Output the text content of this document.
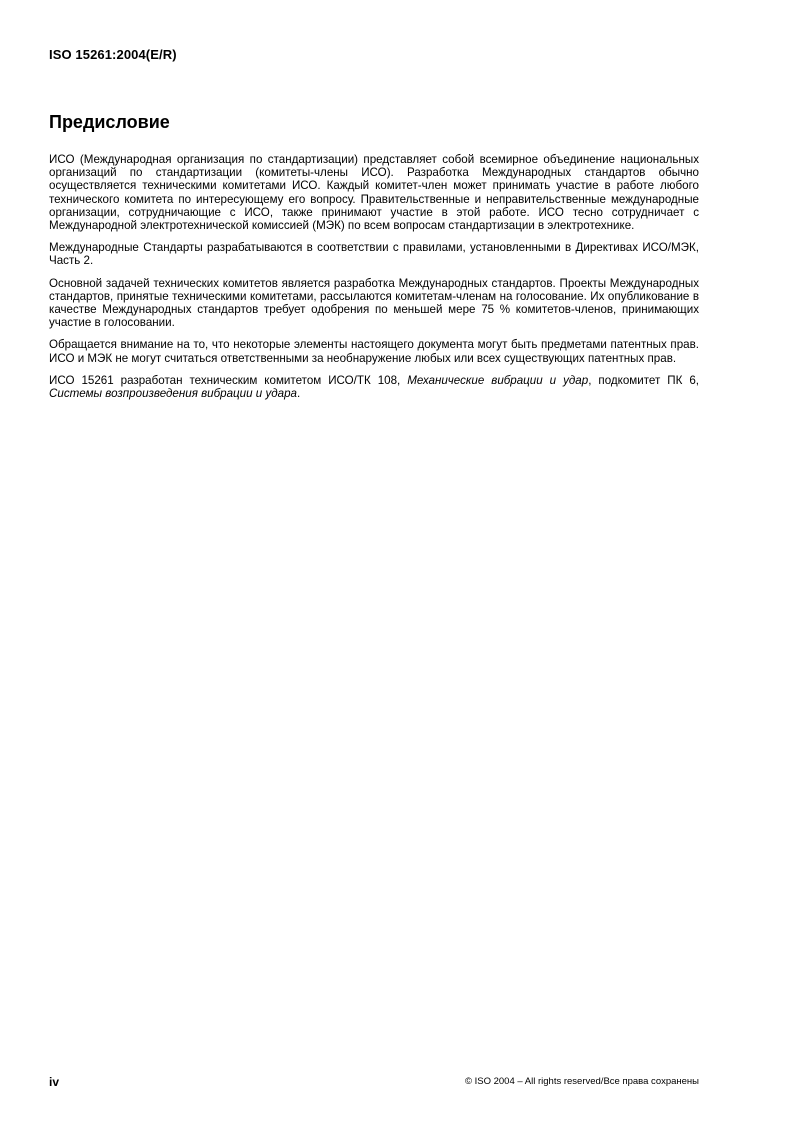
ISO 15261:2004(E/R)
Предисловие

ИСО (Международная организация по стандартизации) представляет собой всемирное объединение национальных организаций по стандартизации (комитеты-члены ИСО). Разработка Международных стандартов обычно осуществляется техническими комитетами ИСО. Каждый комитет-член может принимать участие в работе любого технического комитета по интересующему его вопросу. Правительственные и неправительственные международные организации, сотрудничающие с ИСО, также принимают участие в этой работе. ИСО тесно сотрудничает с Международной электротехнической комиссией (МЭК) по всем вопросам стандартизации в электротехнике.

Международные Стандарты разрабатываются в соответствии с правилами, установленными в Директивах ИСО/МЭК, Часть 2.

Основной задачей технических комитетов является разработка Международных стандартов. Проекты Международных стандартов, принятые техническими комитетами, рассылаются комитетам-членам на голосование. Их опубликование в качестве Международных стандартов требует одобрения по меньшей мере 75 % комитетов-членов, принимающих участие в голосовании.

Обращается внимание на то, что некоторые элементы настоящего документа могут быть предметами патентных прав. ИСО и МЭК не могут считаться ответственными за необнаружение любых или всех существующих патентных прав.

ИСО 15261 разработан техническим комитетом ИСО/ТК 108, Механические вибрации и удар, подкомитет ПК 6, Системы возпроизведения вибрации и удара.

iv	© ISO 2004 – All rights reserved/Все права сохранены
